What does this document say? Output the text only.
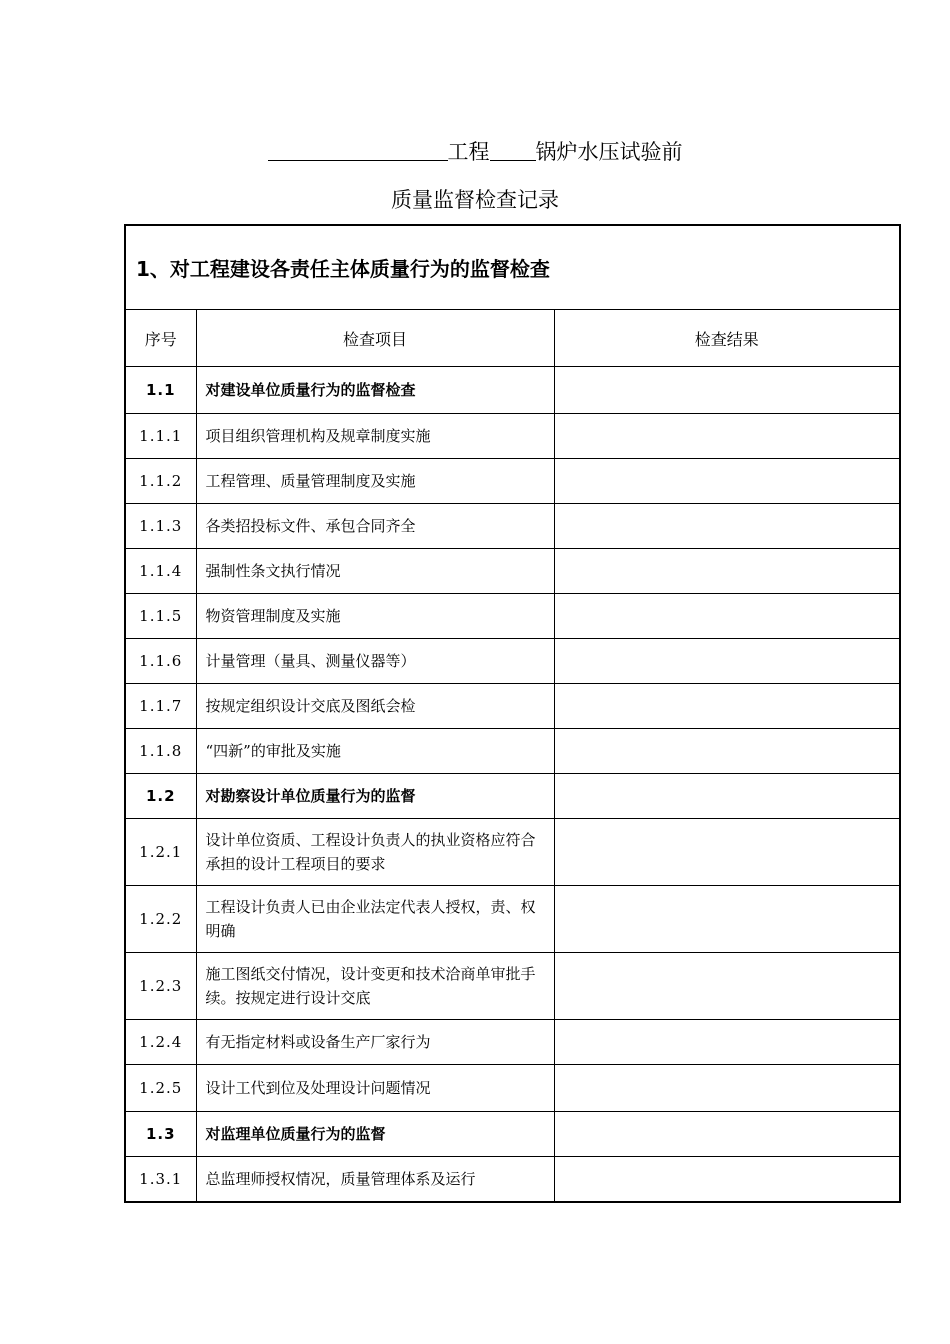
工程 锅炉水压试验前
质量监督检查记录
1、对工程建设各责任主体质量行为的监督检查		
序号	检查项目	检查结果
1.1	对建设单位质量行为的监督检查	
1.1.1	项目组织管理机构及规章制度实施	
1.1.2	工程管理、质量管理制度及实施	
1.1.3	各类招投标文件、承包合同齐全	
1.1.4	强制性条文执行情况	
1.1.5	物资管理制度及实施	
1.1.6	计量管理（量具、测量仪器等）	
1.1.7	按规定组织设计交底及图纸会检	
1.1.8	“四新”的审批及实施	
1.2	对勘察设计单位质量行为的监督	
1.2.1	设计单位资质、工程设计负责人的执业资格应符合承担的设计工程项目的要求	
1.2.2	工程设计负责人已由企业法定代表人授权，责、权明确	
1.2.3	施工图纸交付情况，设计变更和技术洽商单审批手续。按规定进行设计交底	
1.2.4	有无指定材料或设备生产厂家行为	
1.2.5	设计工代到位及处理设计问题情况	
1.3	对监理单位质量行为的监督	
1.3.1	总监理师授权情况，质量管理体系及运行	
